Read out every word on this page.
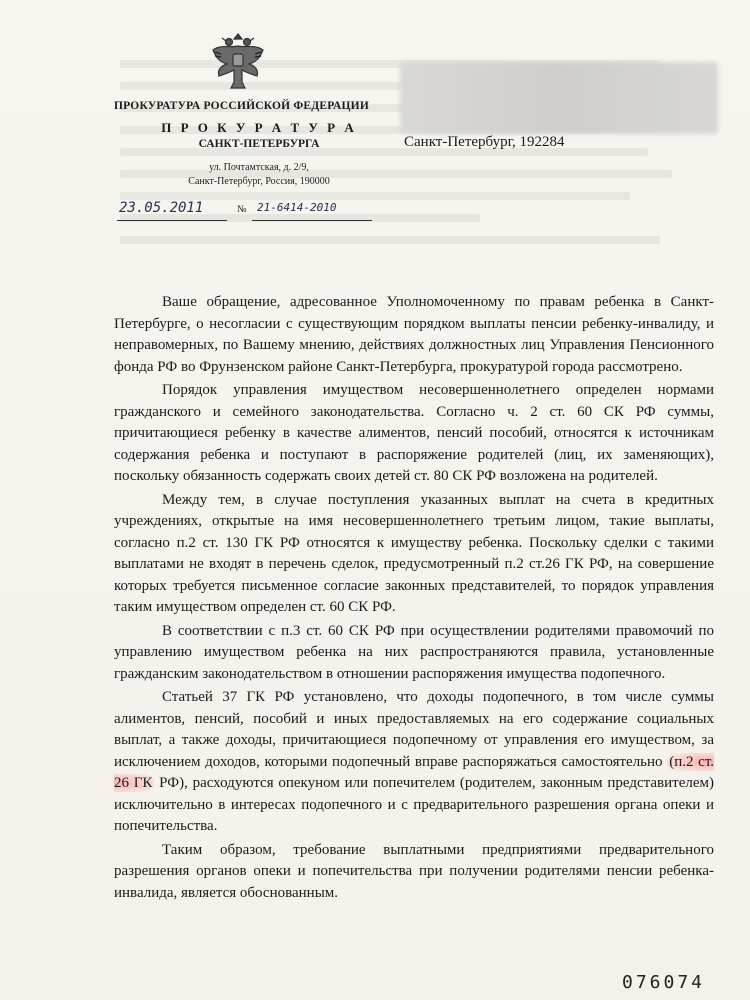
ПРОКУРАТУРА РОССИЙСКОЙ ФЕДЕРАЦИИ
П Р О К У Р А Т У Р А
САНКТ-ПЕТЕРБУРГА
ул. Почтамтская, д. 2/9,
Санкт-Петербург, Россия, 190000
Санкт-Петербург, 192284
23.05.2011	№ 21-6414-2010

Ваше обращение, адресованное Уполномоченному по правам ребенка в Санкт-Петербурге, о несогласии с существующим порядком выплаты пенсии ребенку-инвалиду, и неправомерных, по Вашему мнению, действиях должностных лиц Управления Пенсионного фонда РФ во Фрунзенском районе Санкт-Петербурга, прокуратурой города рассмотрено.

Порядок управления имуществом несовершеннолетнего определен нормами гражданского и семейного законодательства. Согласно ч. 2 ст. 60 СК РФ суммы, причитающиеся ребенку в качестве алиментов, пенсий пособий, относятся к источникам содержания ребенка и поступают в распоряжение родителей (лиц, их заменяющих), поскольку обязанность содержать своих детей ст. 80 СК РФ возложена на родителей.

Между тем, в случае поступления указанных выплат на счета в кредитных учреждениях, открытые на имя несовершеннолетнего третьим лицом, такие выплаты, согласно п.2 ст. 130 ГК РФ относятся к имуществу ребенка. Поскольку сделки с такими выплатами не входят в перечень сделок, предусмотренный п.2 ст.26 ГК РФ, на совершение которых требуется письменное согласие законных представителей, то порядок управления таким имуществом определен ст. 60 СК РФ.

В соответствии с п.3 ст. 60 СК РФ при осуществлении родителями правомочий по управлению имуществом ребенка на них распространяются правила, установленные гражданским законодательством в отношении распоряжения имущества подопечного.

Статьей 37 ГК РФ установлено, что доходы подопечного, в том числе суммы алиментов, пенсий, пособий и иных предоставляемых на его содержание социальных выплат, а также доходы, причитающиеся подопечному от управления его имуществом, за исключением доходов, которыми подопечный вправе распоряжаться самостоятельно (п.2 ст. 26 ГК РФ), расходуются опекуном или попечителем (родителем, законным представителем) исключительно в интересах подопечного и с предварительного разрешения органа опеки и попечительства.

Таким образом, требование выплатными предприятиями предварительного разрешения органов опеки и попечительства при получении родителями пенсии ребенка-инвалида, является обоснованным.

076074
